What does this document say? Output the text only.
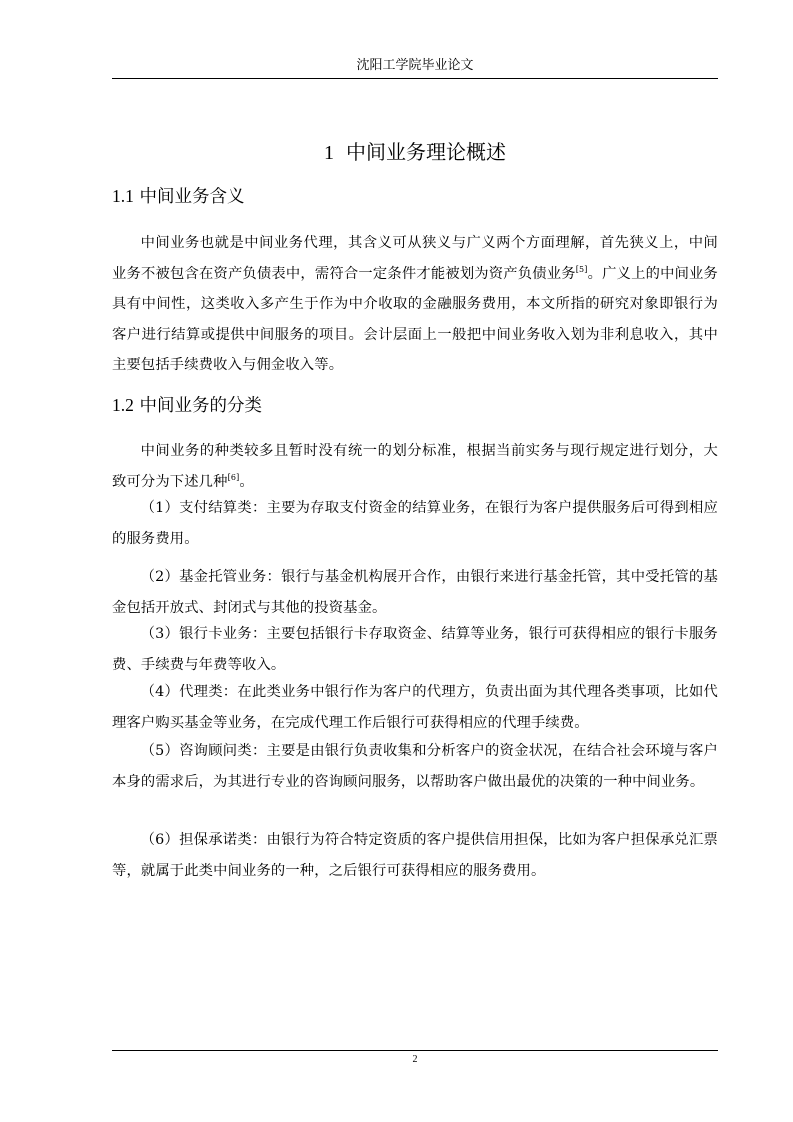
沈阳工学院毕业论文
1 中间业务理论概述
1.1 中间业务含义

中间业务也就是中间业务代理，其含义可从狭义与广义两个方面理解，首先狭义上，中间业务不被包含在资产负债表中，需符合一定条件才能被划为资产负债业务[5]。广义上的中间业务具有中间性，这类收入多产生于作为中介收取的金融服务费用，本文所指的研究对象即银行为客户进行结算或提供中间服务的项目。会计层面上一般把中间业务收入划为非利息收入，其中主要包括手续费收入与佣金收入等。

1.2 中间业务的分类

中间业务的种类较多且暂时没有统一的划分标准，根据当前实务与现行规定进行划分，大致可分为下述几种[6]。

（1）支付结算类：主要为存取支付资金的结算业务，在银行为客户提供服务后可得到相应的服务费用。

（2）基金托管业务：银行与基金机构展开合作，由银行来进行基金托管，其中受托管的基金包括开放式、封闭式与其他的投资基金。

（3）银行卡业务：主要包括银行卡存取资金、结算等业务，银行可获得相应的银行卡服务费、手续费与年费等收入。

（4）代理类：在此类业务中银行作为客户的代理方，负责出面为其代理各类事项，比如代理客户购买基金等业务，在完成代理工作后银行可获得相应的代理手续费。

（5）咨询顾问类：主要是由银行负责收集和分析客户的资金状况，在结合社会环境与客户本身的需求后，为其进行专业的咨询顾问服务，以帮助客户做出最优的决策的一种中间业务。

（6）担保承诺类：由银行为符合特定资质的客户提供信用担保，比如为客户担保承兑汇票等，就属于此类中间业务的一种，之后银行可获得相应的服务费用。

2
